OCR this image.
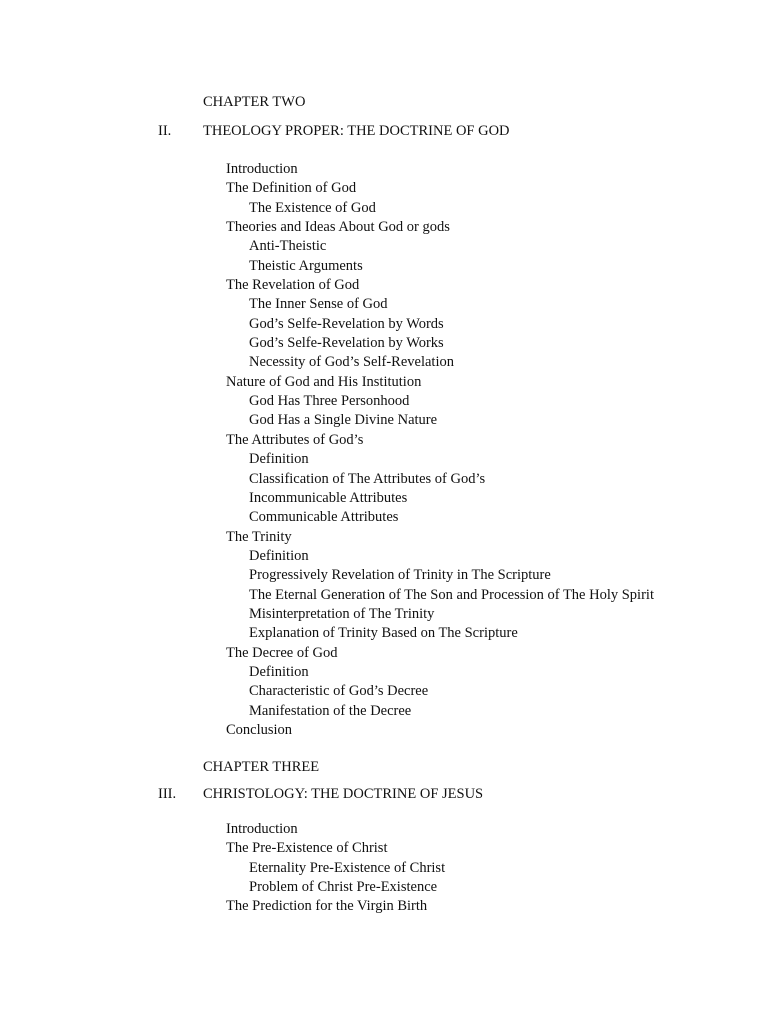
CHAPTER TWO
II. THEOLOGY PROPER: THE DOCTRINE OF GOD
Introduction
The Definition of God
The Existence of God
Theories and Ideas About God or gods
Anti-Theistic
Theistic Arguments
The Revelation of God
The Inner Sense of God
God’s Selfe-Revelation by Words
God’s Selfe-Revelation by Works
Necessity of God’s Self-Revelation
Nature of God and His Institution
God Has Three Personhood
God Has a Single Divine Nature
The Attributes of God’s
Definition
Classification of The Attributes of God’s
Incommunicable Attributes
Communicable Attributes
The Trinity
Definition
Progressively Revelation of Trinity in The Scripture
The Eternal Generation of The Son and Procession of The Holy Spirit
Misinterpretation of The Trinity
Explanation of Trinity Based on The Scripture
The Decree of God
Definition
Characteristic of God’s Decree
Manifestation of the Decree
Conclusion
CHAPTER THREE
III. CHRISTOLOGY: THE DOCTRINE OF JESUS
Introduction
The Pre-Existence of Christ
Eternality Pre-Existence of Christ
Problem of Christ Pre-Existence
The Prediction for the Virgin Birth
